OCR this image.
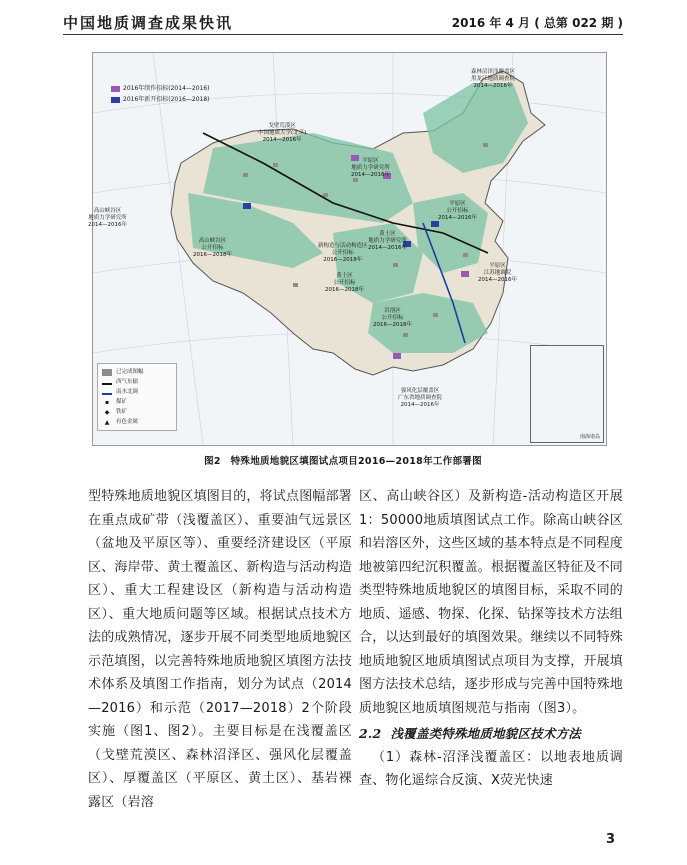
中国地质调查成果快讯	2016 年 4 月 ( 总第 022 期 )
2016年续作招标(2014—2016)
2016年新开招标(2016—2018)
戈壁荒漠区
中国地质大学(北京)
2014—2016年
平原区
地质力学研究所
2014—2016年
高山峡谷区
地质力学研究所
2014—2016年
森林沼泽浅覆盖区
黑龙江地质调查院
2014—2016年
平原区
公开招标
2014—2016年
高山峡谷区
公开招标
2016—2018年
黄土区
地质力学研究所
2014—2016年
新构造与活动构造区
公开招标
2016—2018年
黄土区
公开招标
2016—2018年
平原区
江苏地调院
2014—2016年
岩溶区
公开招标
2016—2018年
强风化层覆盖区
广东省地质调查院
2014—2016年
已完成图幅
西气东输
南水北调
▪	煤矿
◆	铁矿
▲	有色金属
南海诸岛
图2　特殊地质地貌区填图试点项目2016—2018年工作部署图

型特殊地质地貌区填图目的，将试点图幅部署在重点成矿带（浅覆盖区）、重要油气远景区（盆地及平原区等）、重要经济建设区（平原区、海岸带、黄土覆盖区、新构造与活动构造区）、重大工程建设区（新构造与活动构造区）、重大地质问题等区域。根据试点技术方法的成熟情况，逐步开展不同类型地质地貌区示范填图，以完善特殊地质地貌区填图方法技术体系及填图工作指南，划分为试点（2014—2016）和示范（2017—2018）2个阶段实施（图1、图2）。主要目标是在浅覆盖区（戈壁荒漠区、森林沼泽区、强风化层覆盖区）、厚覆盖区（平原区、黄土区）、基岩裸露区（岩溶

区、高山峡谷区）及新构造-活动构造区开展1：50000地质填图试点工作。除高山峡谷区和岩溶区外，这些区域的基本特点是不同程度地被第四纪沉积覆盖。根据覆盖区特征及不同类型特殊地质地貌区的填图目标，采取不同的地质、遥感、物探、化探、钻探等技术方法组合，以达到最好的填图效果。继续以不同特殊地质地貌区地质填图试点项目为支撑，开展填图方法技术总结，逐步形成与完善中国特殊地质地貌区地质填图规范与指南（图3）。

2.2 浅覆盖类特殊地质地貌区技术方法

（1）森林-沼泽浅覆盖区：以地表地质调查、物化遥综合反演、X荧光快速

3
